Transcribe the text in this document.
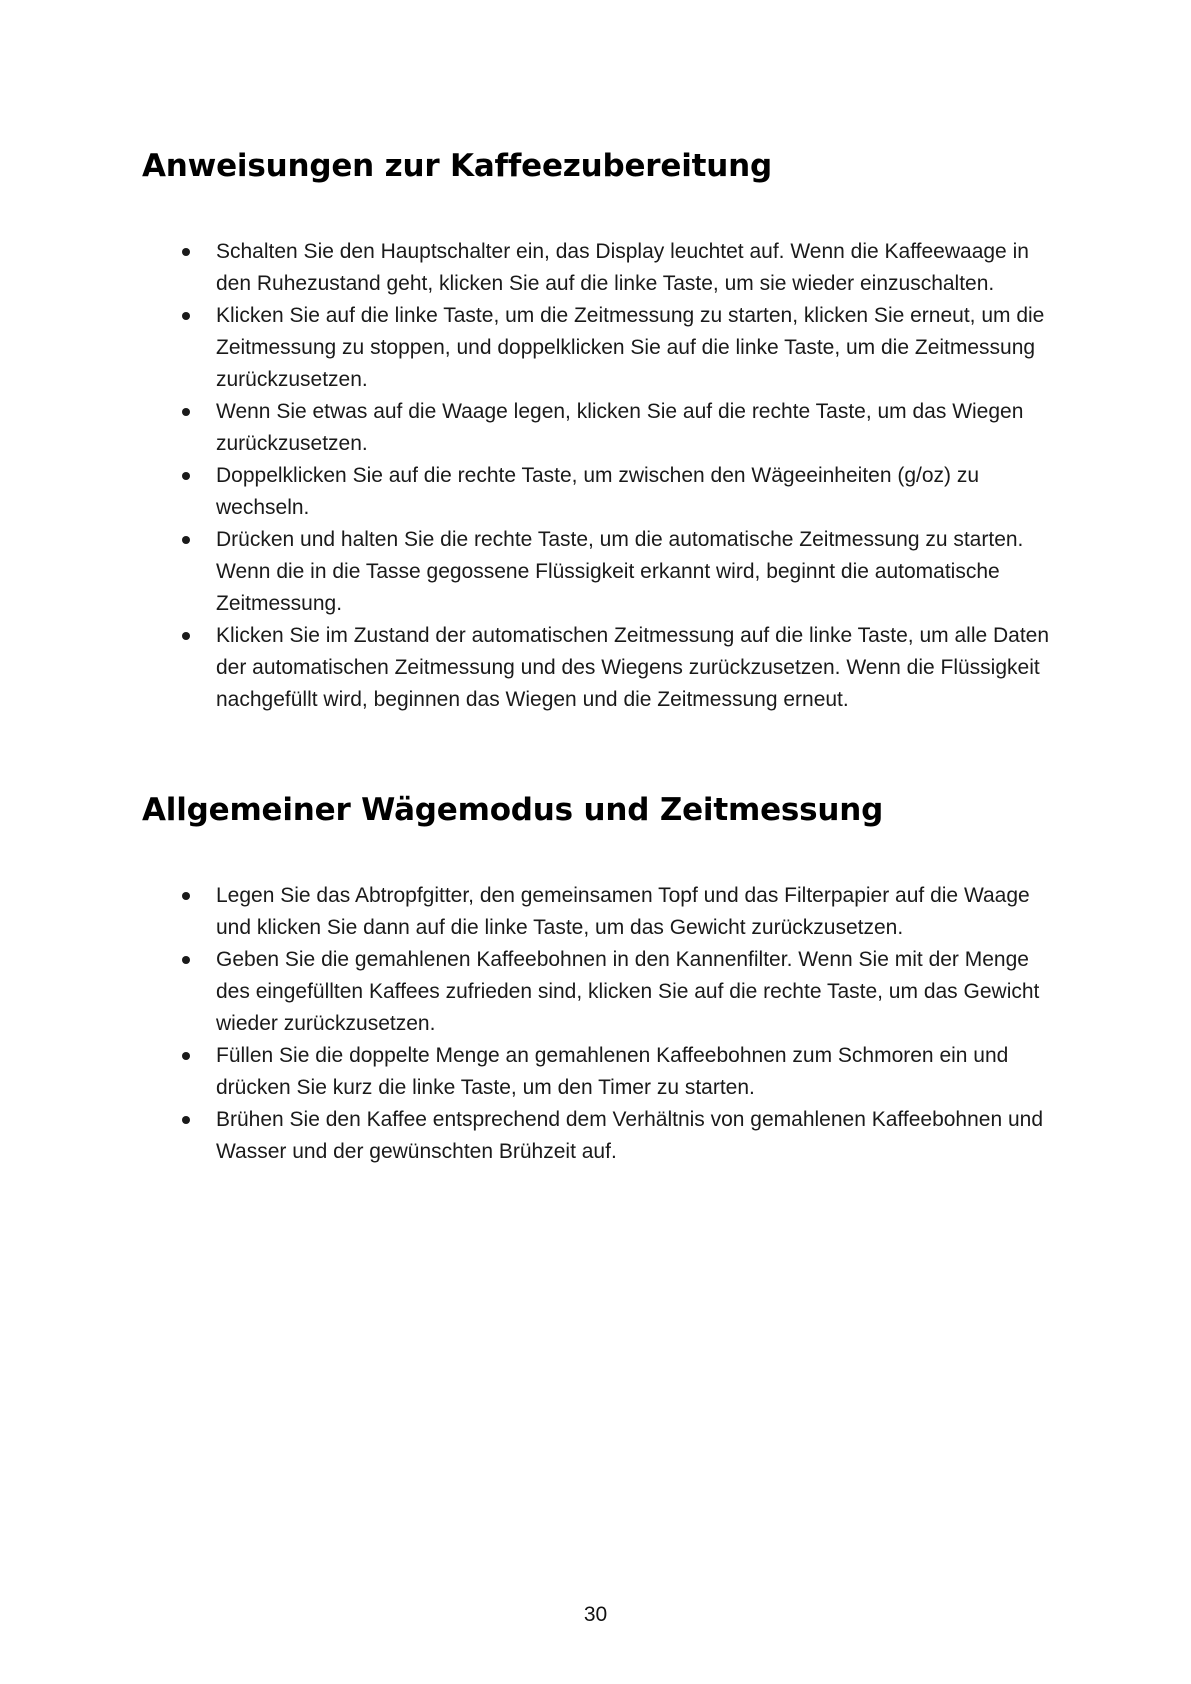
Anweisungen zur Kaffeezubereitung
Schalten Sie den Hauptschalter ein, das Display leuchtet auf. Wenn die Kaffeewaage in den Ruhezustand geht, klicken Sie auf die linke Taste, um sie wieder einzuschalten.
Klicken Sie auf die linke Taste, um die Zeitmessung zu starten, klicken Sie erneut, um die Zeitmessung zu stoppen, und doppelklicken Sie auf die linke Taste, um die Zeitmessung zurückzusetzen.
Wenn Sie etwas auf die Waage legen, klicken Sie auf die rechte Taste, um das Wiegen zurückzusetzen.
Doppelklicken Sie auf die rechte Taste, um zwischen den Wägeeinheiten (g/oz) zu wechseln.
Drücken und halten Sie die rechte Taste, um die automatische Zeitmessung zu starten. Wenn die in die Tasse gegossene Flüssigkeit erkannt wird, beginnt die automatische Zeitmessung.
Klicken Sie im Zustand der automatischen Zeitmessung auf die linke Taste, um alle Daten der automatischen Zeitmessung und des Wiegens zurückzusetzen. Wenn die Flüssigkeit nachgefüllt wird, beginnen das Wiegen und die Zeitmessung erneut.
Allgemeiner Wägemodus und Zeitmessung
Legen Sie das Abtropfgitter, den gemeinsamen Topf und das Filterpapier auf die Waage und klicken Sie dann auf die linke Taste, um das Gewicht zurückzusetzen.
Geben Sie die gemahlenen Kaffeebohnen in den Kannenfilter. Wenn Sie mit der Menge des eingefüllten Kaffees zufrieden sind, klicken Sie auf die rechte Taste, um das Gewicht wieder zurückzusetzen.
Füllen Sie die doppelte Menge an gemahlenen Kaffeebohnen zum Schmoren ein und drücken Sie kurz die linke Taste, um den Timer zu starten.
Brühen Sie den Kaffee entsprechend dem Verhältnis von gemahlenen Kaffeebohnen und Wasser und der gewünschten Brühzeit auf.
30
